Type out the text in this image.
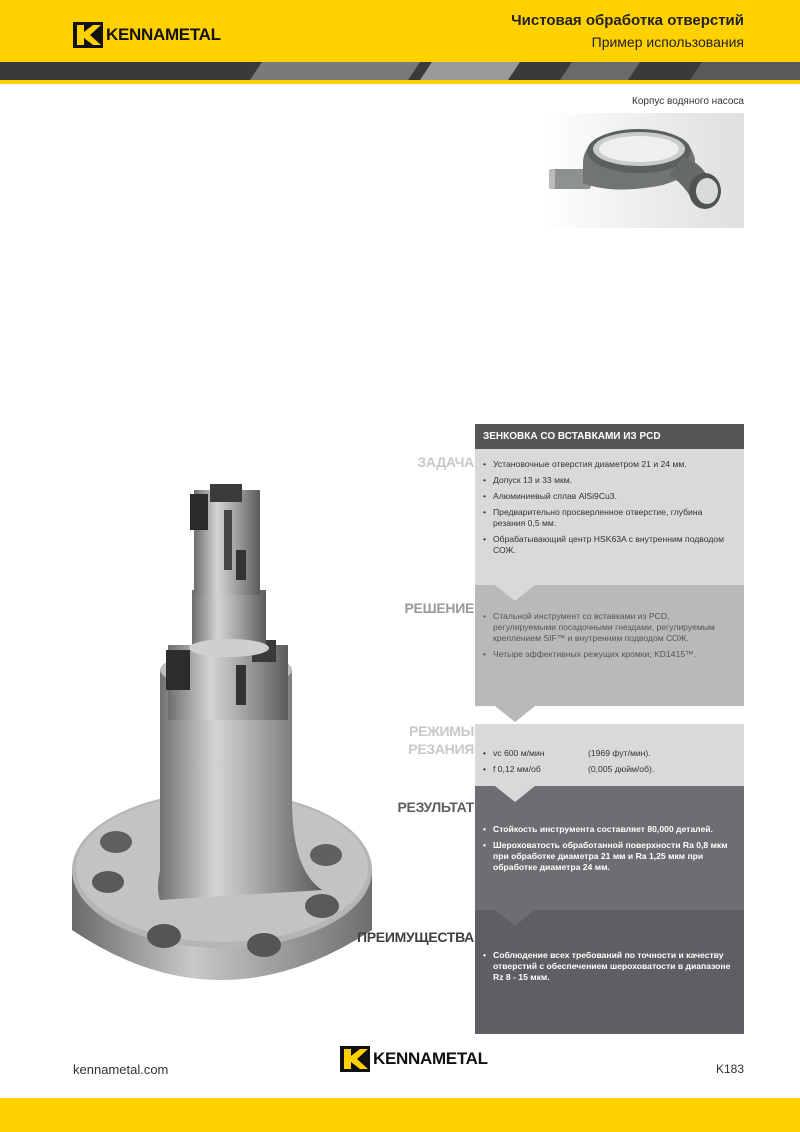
KENNAMETAL
Чистовая обработка отверстий
Пример использования
Корпус водяного насоса
ЗЕНКОВКА СО ВСТАВКАМИ ИЗ PCD
ЗАДАЧА	• Установочные отверстия диаметром 21 и 24 мм.
• Допуск 13 и 33 мкм.
• Алюминиевый сплав AlSi9Cu3.
• Предварительно просверленное отверстие, глубина резания 0,5 мм.
• Обрабатывающий центр HSK63A с внутренним подводом СОЖ.
РЕШЕНИЕ	• Стальной инструмент со вставками из PCD, регулируемыми посадочными гнездами, регулируемым креплением SIF™ и внутренним подводом СОЖ.
• Четыре эффективных режущих кромки; KD1415™.
РЕЖИМЫ
РЕЗАНИЯ • vc 600 м/мин	(1969 фут/мин).
• f 0,12 мм/об	(0,005 дюйм/об).
РЕЗУЛЬТАТ
• Стойкость инструмента составляет 80,000 деталей.
• Шероховатость обработанной поверхности Ra 0,8 мкм при обработке диаметра 21 мм и Ra 1,25 мкм при обработке диаметра 24 мм.
ПРЕИМУЩЕСТВА
• Соблюдение всех требований по точности и качеству отверстий с обеспечением шероховатости в диапазоне Rz 8 - 15 мкм.
kennametal.com
KENNAMETAL
K183
